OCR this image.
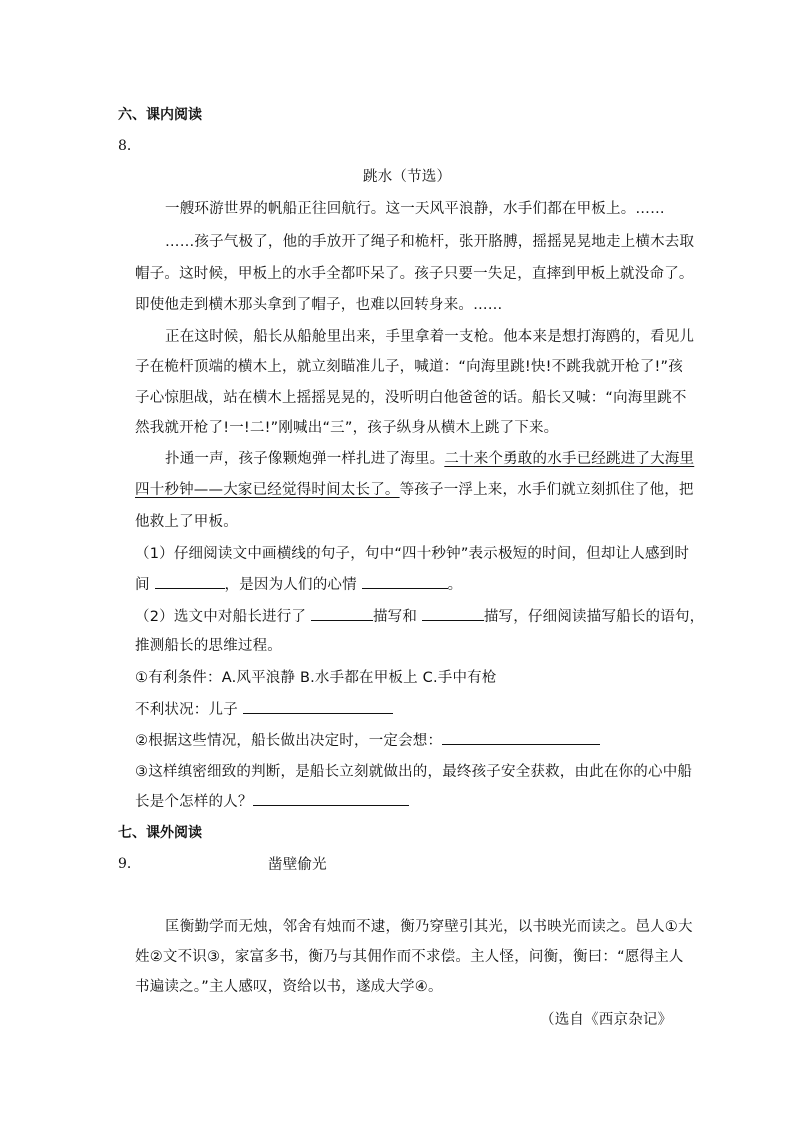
六、课内阅读
8．
跳水（节选）
一艘环游世界的帆船正往回航行。这一天风平浪静，水手们都在甲板上。……
……孩子气极了，他的手放开了绳子和桅杆，张开胳膊，摇摇晃晃地走上横木去取
帽子。这时候，甲板上的水手全都吓呆了。孩子只要一失足，直摔到甲板上就没命了。
即使他走到横木那头拿到了帽子，也难以回转身来。……
正在这时候，船长从船舱里出来，手里拿着一支枪。他本来是想打海鸥的，看见儿
子在桅杆顶端的横木上，就立刻瞄准儿子，喊道：“向海里跳!快!不跳我就开枪了!”孩
子心惊胆战，站在横木上摇摇晃晃的，没听明白他爸爸的话。船长又喊：“向海里跳不
然我就开枪了!一!二!”刚喊出“三”，孩子纵身从横木上跳了下来。
扑通一声，孩子像颗炮弹一样扎进了海里。二十来个勇敢的水手已经跳进了大海里
四十秒钟——大家已经觉得时间太长了。等孩子一浮上来，水手们就立刻抓住了他，把
他救上了甲板。
（1）仔细阅读文中画横线的句子，句中“四十秒钟”表示极短的时间，但却让人感到时
间	，是因为人们的心情	。
（2）选文中对船长进行了	描写和	描写，仔细阅读描写船长的语句，
推测船长的思维过程。
①有利条件：A.风平浪静 B.水手都在甲板上 C.手中有枪
不利状况：儿子
②根据这些情况，船长做出决定时，一定会想：
③这样缜密细致的判断，是船长立刻就做出的，最终孩子安全获救，由此在你的心中船
长是个怎样的人？
七、课外阅读
9．	凿壁偷光
匡衡勤学而无烛，邻舍有烛而不逮，衡乃穿壁引其光，以书映光而读之。邑人①大
姓②文不识③，家富多书，衡乃与其佣作而不求偿。主人怪，问衡，衡曰：“愿得主人
书遍读之。”主人感叹，资给以书，遂成大学④。
（选自《西京杂记》
